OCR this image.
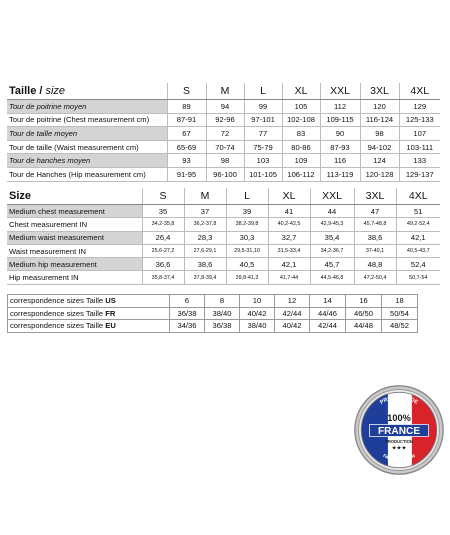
Taille / size	S	M	L	XL	XXL	3XL	4XL
Tour de poitrine moyen	89	94	99	105	112	120	129
Tour de poitrine (Chest measurement cm)	87-91	92-96	97-101	102-108	109-115	116-124	125-133
Tour de taille moyen	67	72	77	83	90	98	107
Tour de taille (Waist measurement cm)	65-69	70-74	75-79	80-86	87-93	94-102	103-111
Tour de hanches moyen	93	98	103	109	116	124	133
Tour de Hanches (Hip measurement cm)	91-95	96-100	101-105	106-112	113-119	120-128	129-137
Size	S	M	L	XL	XXL	3XL	4XL
Medium chest measurement	35	37	39	41	44	47	51
Chest measurement IN	34,2-35,8	36,2-37,8	38,2-39,8	40,2-42,5	42,9-45,3	45,7-48,8	49,2-52,4
Medium waist measurement	26,4	28,3	30,3	32,7	35,4	38,6	42,1
Waist measurement IN	25,6-27,2	27,6-29,1	29,5-31,10	31,5-33,4	34,2-36,7	37-40,1	40,5-43,7
Medium hip measurement	36,6	38,6	40,5	42,1	45,7	48,8	52,4
Hip measurement IN	35,8-37,4	37,8-39,4	39,8-41,3	41,7-44	44,5-46,8	47,2-50,4	50,7-54
correspondence sizes Taille US	6	8	10	12	14	16	18
correspondence sizes Taille FR	36/38	38/40	40/42	42/44	44/46	46/50	50/54
correspondence sizes Taille EU	34/36	36/38	38/40	40/42	42/44	44/48	48/52
PRODUITS DE
100%
FRANCE
PRODUCTION
★★★
FAIT A LA MAIN
